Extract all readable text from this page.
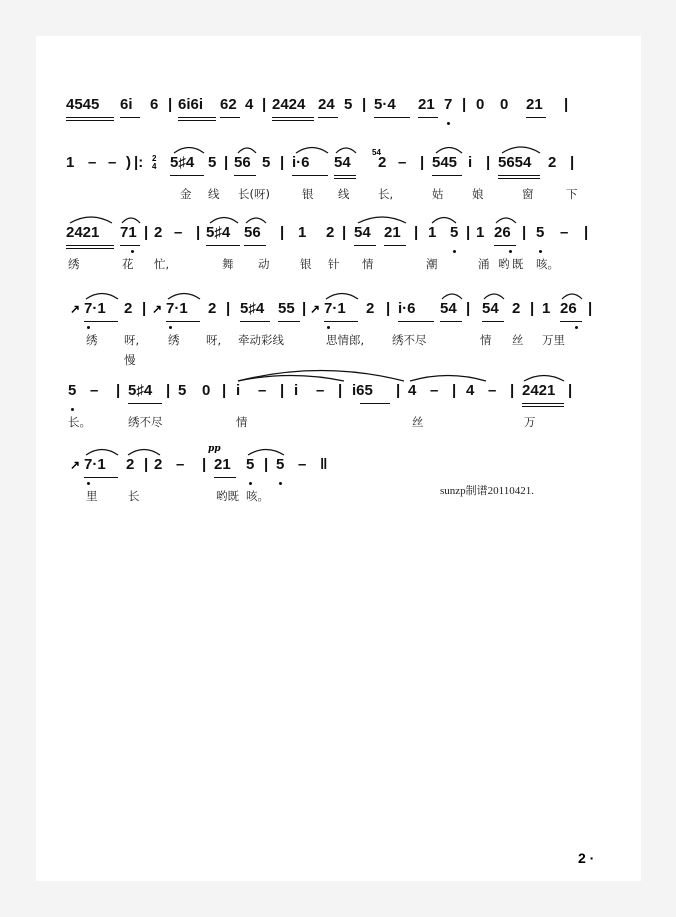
4545 6i 6 | 6i6i 62 4 | 2424 24 5 | 5·4 21 7 | 0 0 21 |
1 – – ) |: 2
4 5♯4 5 | 56 5 | i·6 54
54
2 – | 545 i | 5654 2 |
金 线 长(呀)	银 线 长,	姑 娘	窗	下
2421 71 | 2 – | 5♯4 56 | 1 2 | 54 21 | 1 5 | 1 26 | 5 – |
绣	花 忙,	舞 动	银 针 情	潮	涌 哟 既 咳。
↗ 7·1 2 | ↗ 7·1 2 | 5♯4 55 | ↗ 7·1 2 | i·6 54 | 54 2 | 1 26 |
绣 呀,	绣 呀, 牵动彩线	思情郎, 绣不尽	情 丝 万里
慢
5 – | 5♯4 | 5 0 | i – | i – | i65 | 4 – | 4 – | 2421 |
长。	绣不尽	情	丝	万
↗ 7·1 2 | 2 – |
pp
21 5 | 5 – ‖
里	长	哟既 咳。	sunzp制谱20110421.
2 ·
